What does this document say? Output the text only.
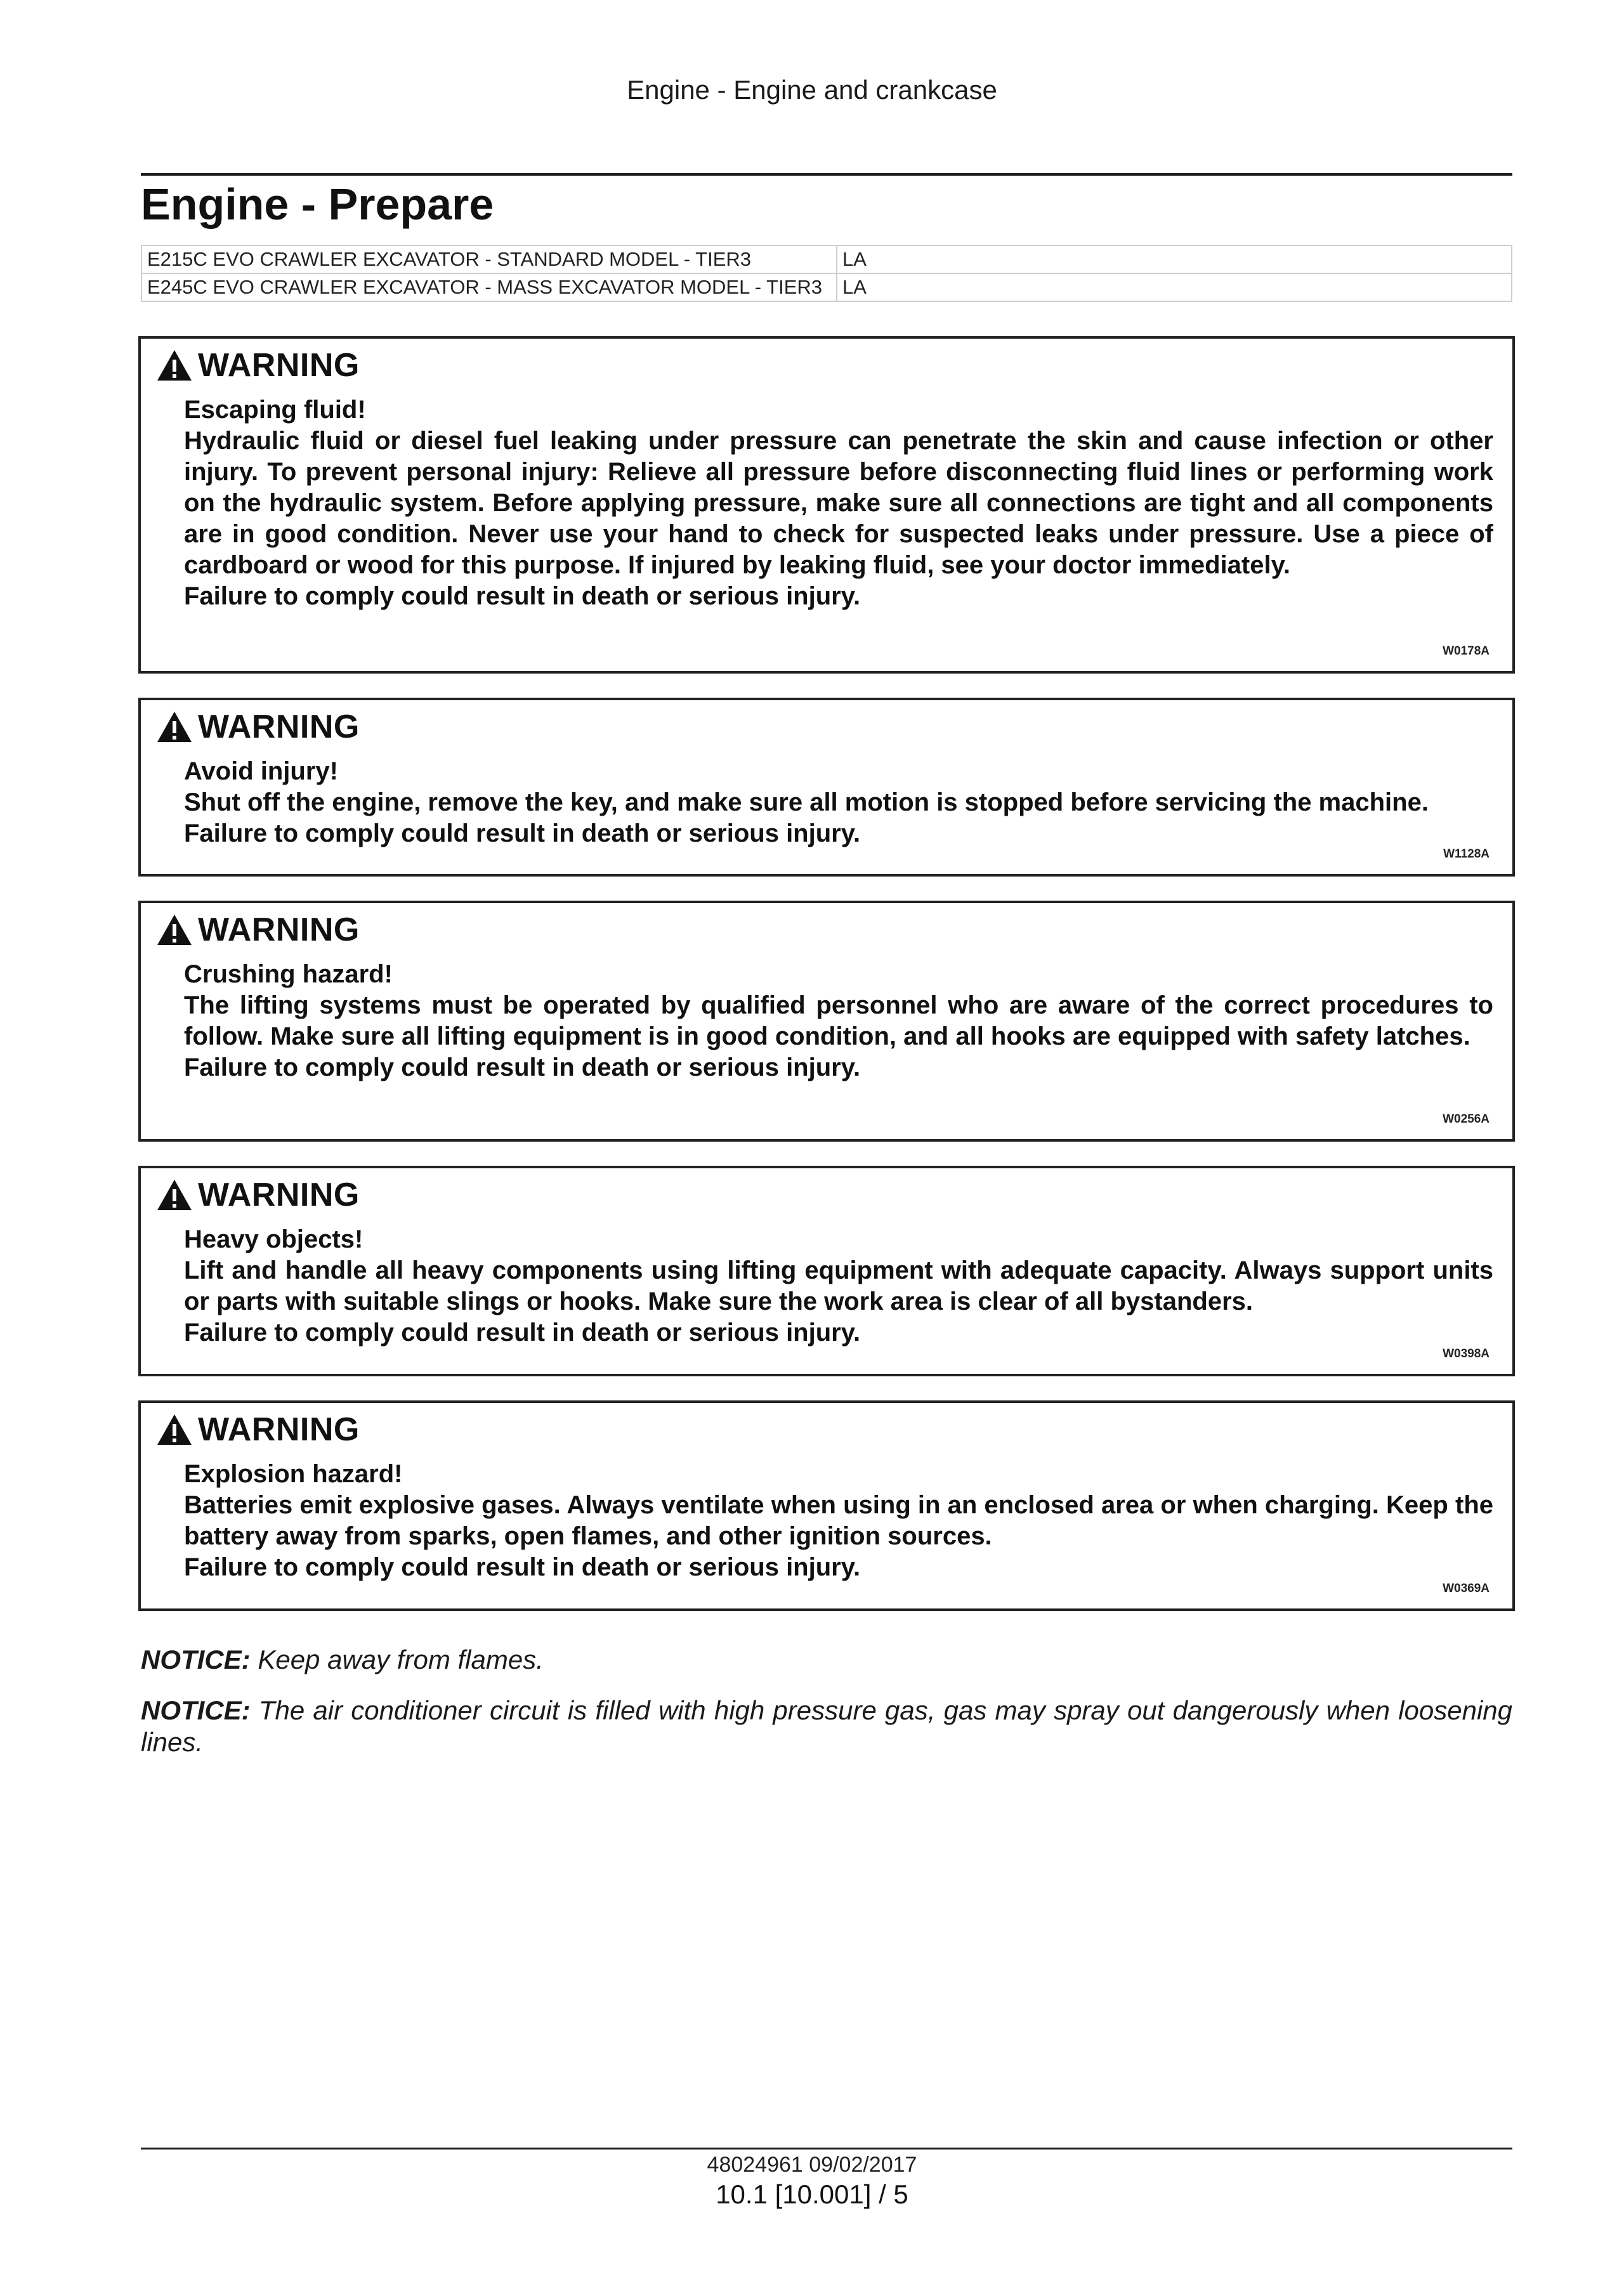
Engine - Engine and crankcase
Engine - Prepare
E215C EVO CRAWLER EXCAVATOR - STANDARD MODEL - TIER3	LA
E245C EVO CRAWLER EXCAVATOR - MASS EXCAVATOR MODEL - TIER3	LA
WARNING

Escaping fluid!

Hydraulic fluid or diesel fuel leaking under pressure can penetrate the skin and cause infection or other injury. To prevent personal injury: Relieve all pressure before disconnecting fluid lines or performing work on the hydraulic system. Before applying pressure, make sure all connections are tight and all components are in good condition. Never use your hand to check for suspected leaks under pressure. Use a piece of cardboard or wood for this purpose. If injured by leaking fluid, see your doctor immediately.

Failure to comply could result in death or serious injury.

W0178A
WARNING

Avoid injury!

Shut off the engine, remove the key, and make sure all motion is stopped before servicing the machine.

Failure to comply could result in death or serious injury.

W1128A
WARNING

Crushing hazard!

The lifting systems must be operated by qualified personnel who are aware of the correct procedures to follow. Make sure all lifting equipment is in good condition, and all hooks are equipped with safety latches.

Failure to comply could result in death or serious injury.

W0256A
WARNING

Heavy objects!

Lift and handle all heavy components using lifting equipment with adequate capacity. Always support units or parts with suitable slings or hooks. Make sure the work area is clear of all bystanders.

Failure to comply could result in death or serious injury.

W0398A
WARNING

Explosion hazard!

Batteries emit explosive gases. Always ventilate when using in an enclosed area or when charging. Keep the battery away from sparks, open flames, and other ignition sources.

Failure to comply could result in death or serious injury.

W0369A

NOTICE: Keep away from flames.

NOTICE: The air conditioner circuit is filled with high pressure gas, gas may spray out dangerously when loosening lines.

48024961 09/02/2017
10.1 [10.001] / 5
